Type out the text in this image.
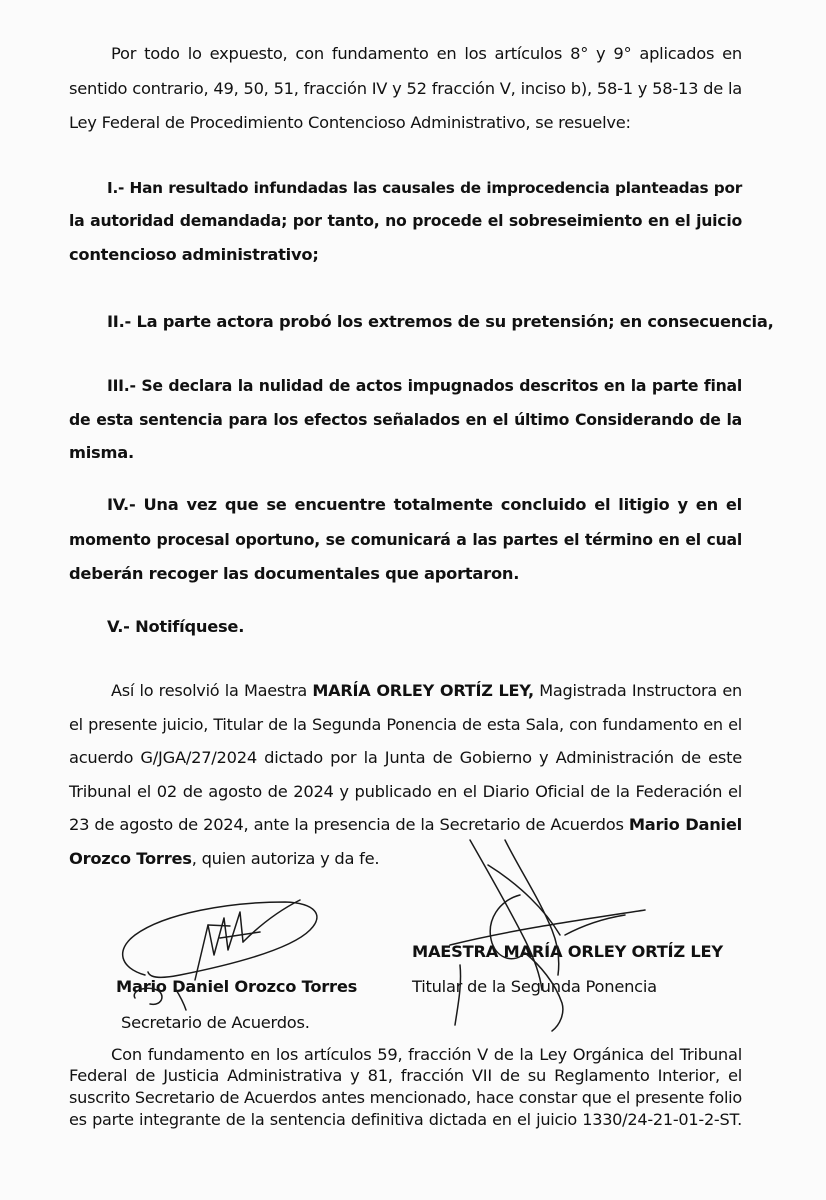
Por todo lo expuesto, con fundamento en los artículos 8° y 9° aplicados en
sentido contrario, 49, 50, 51, fracción IV y 52 fracción V, inciso b), 58-1 y 58-13 de la
Ley Federal de Procedimiento Contencioso Administrativo, se resuelve:
I.- Han resultado infundadas las causales de improcedencia planteadas por
la autoridad demandada; por tanto, no procede el sobreseimiento en el juicio
contencioso administrativo;
II.- La parte actora probó los extremos de su pretensión; en consecuencia,
III.- Se declara la nulidad de actos impugnados descritos en la parte final
de esta sentencia para los efectos señalados en el último Considerando de la
misma.
IV.- Una vez que se encuentre totalmente concluido el litigio y en el
momento procesal oportuno, se comunicará a las partes el término en el cual
deberán recoger las documentales que aportaron.
V.- Notifíquese.
Así lo resolvió la Maestra MARÍA ORLEY ORTÍZ LEY, Magistrada Instructora en
el presente juicio, Titular de la Segunda Ponencia de esta Sala, con fundamento en el
acuerdo G/JGA/27/2024 dictado por la Junta de Gobierno y Administración de este
Tribunal el 02 de agosto de 2024 y publicado en el Diario Oficial de la Federación el
23 de agosto de 2024, ante la presencia de la Secretario de Acuerdos Mario Daniel
Orozco Torres, quien autoriza y da fe.
Mario Daniel Orozco Torres
Secretario de Acuerdos.
MAESTRA MARÍA ORLEY ORTÍZ LEY
Titular de la Segunda Ponencia
Con fundamento en los artículos 59, fracción V de la Ley Orgánica del Tribunal
Federal de Justicia Administrativa y 81, fracción VII de su Reglamento Interior, el
suscrito Secretario de Acuerdos antes mencionado, hace constar que el presente folio
es parte integrante de la sentencia definitiva dictada en el juicio 1330/24-21-01-2-ST.
